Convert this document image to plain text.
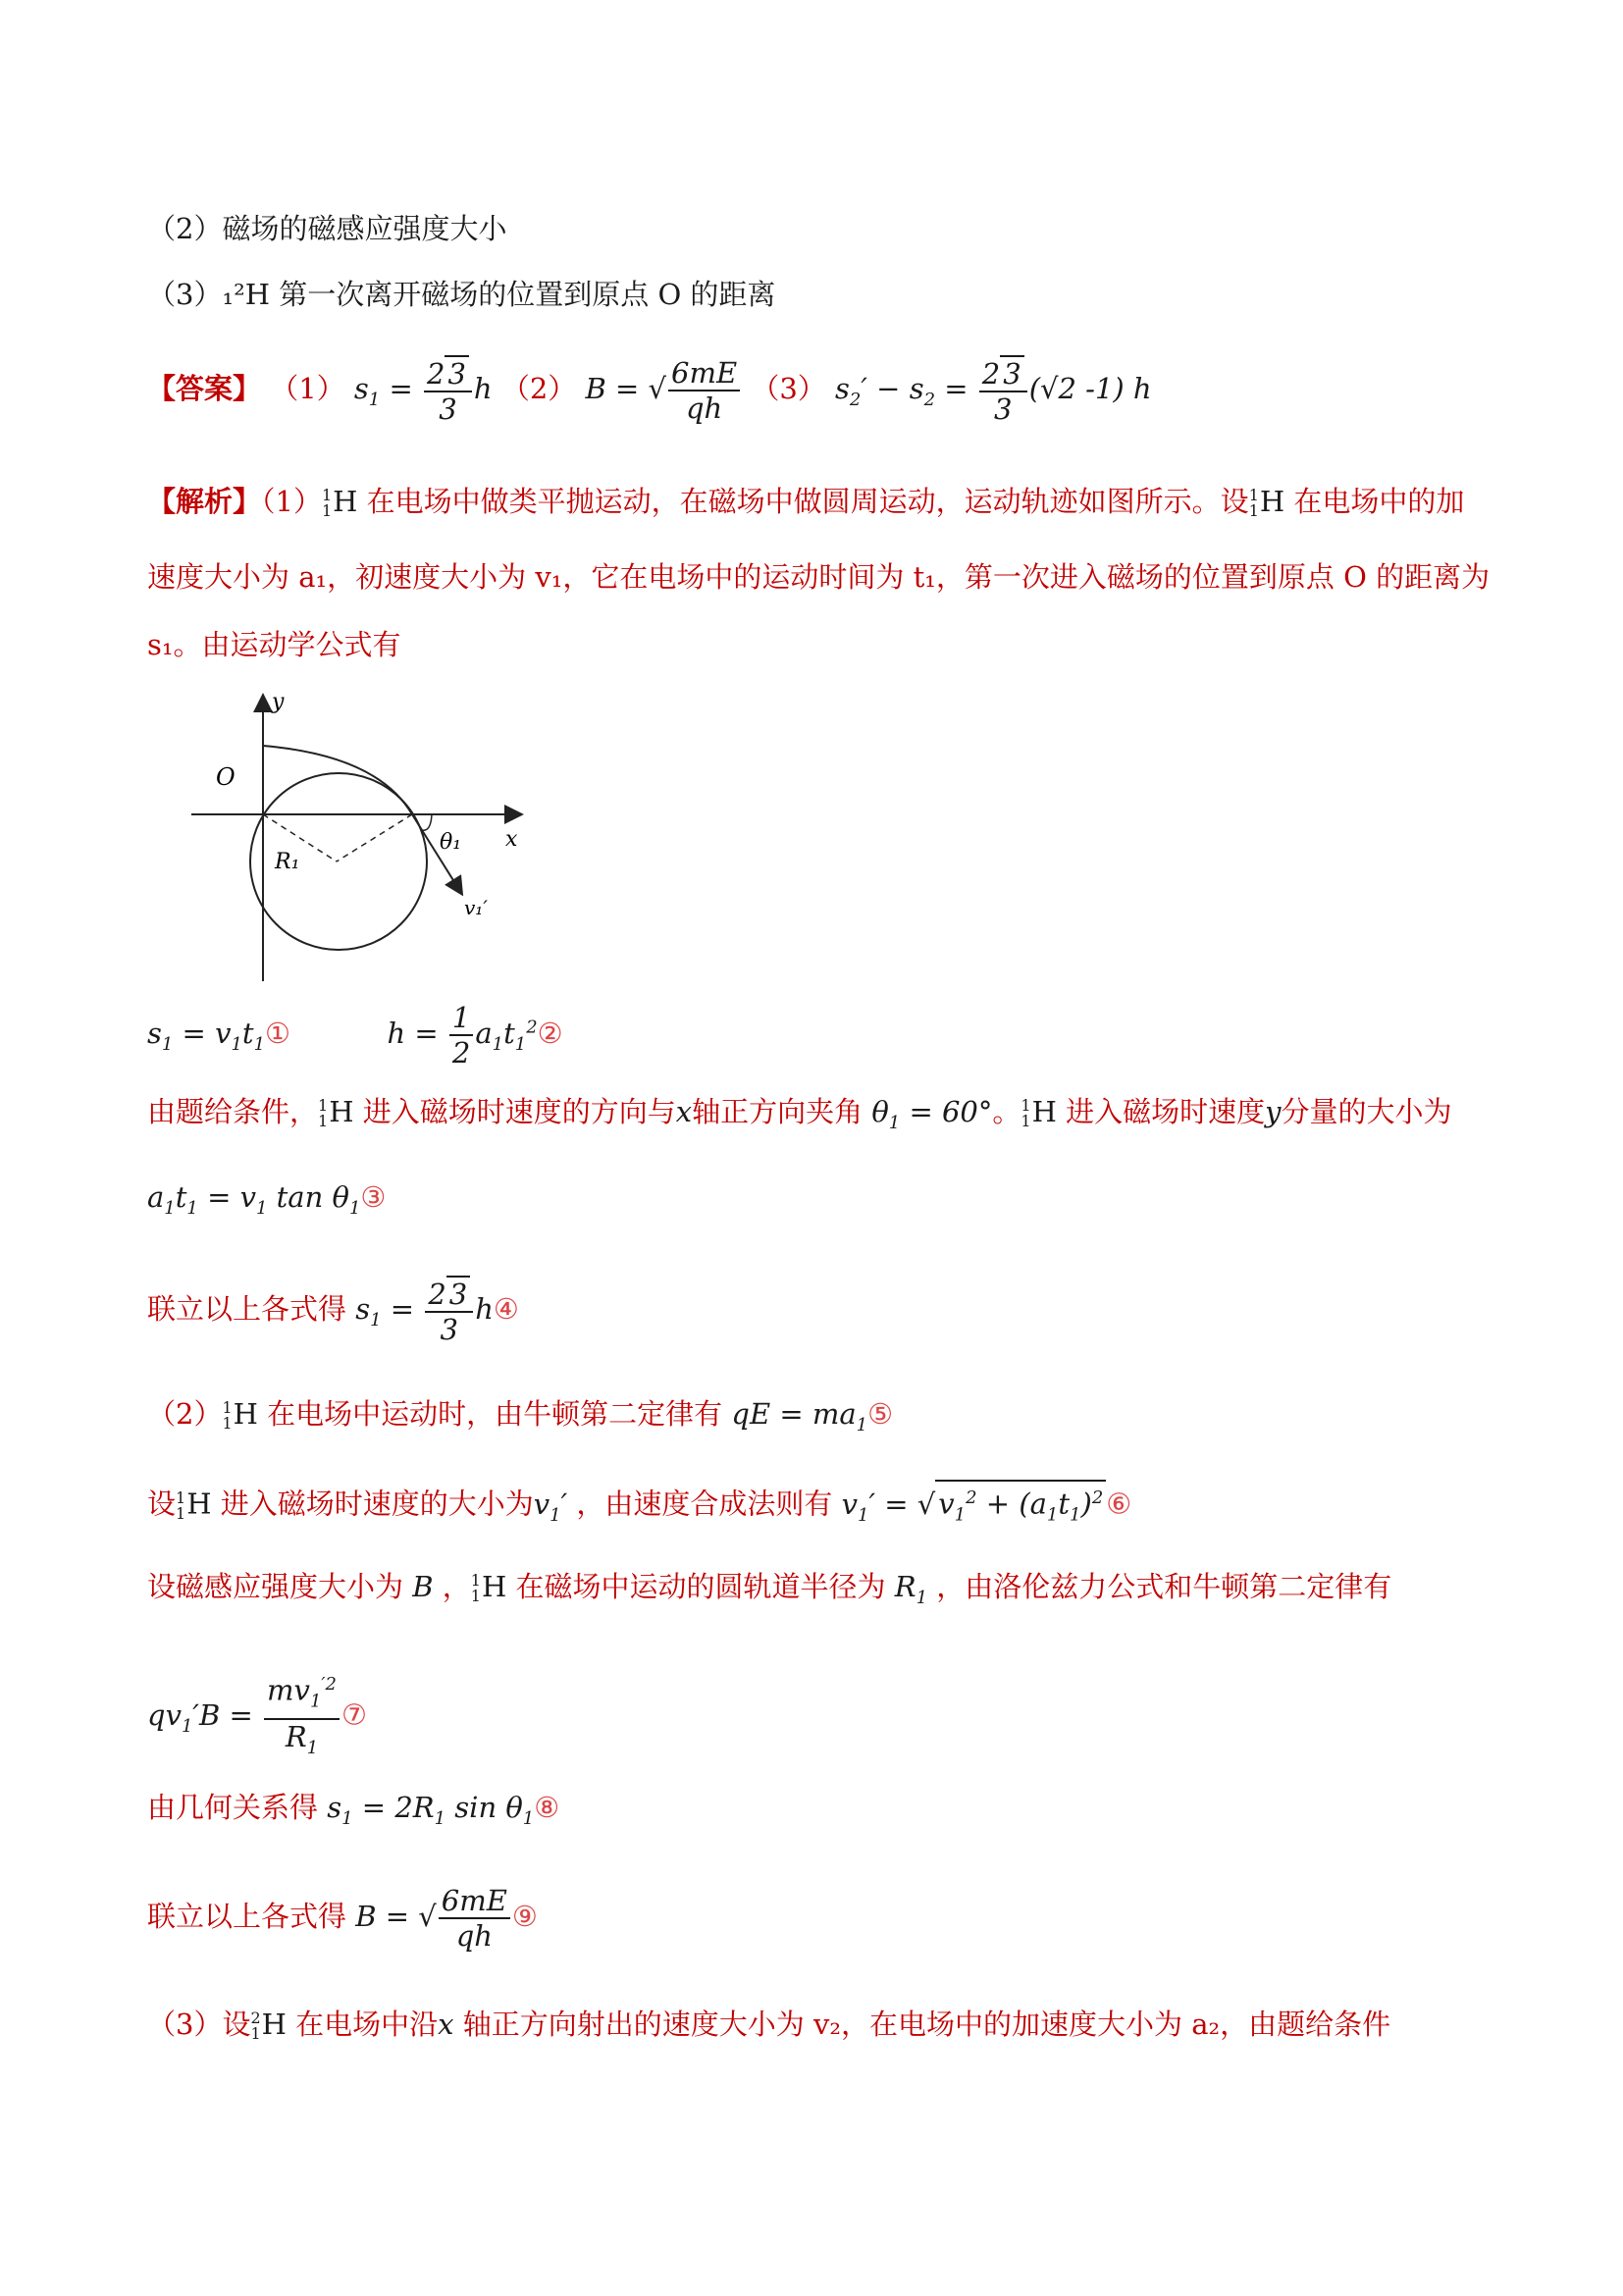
（2）磁场的磁感应强度大小
（3）₁²H 第一次离开磁场的位置到原点 O 的距离
【答案】 （1） $s_1 = \frac{2 3}{3}$ h （2） B = √ $\frac{6mE}{qh} (3) s_2' - s_2 = \frac{2 3}{3} (√2$ -1) h
【解析】（1） 1
1 H 在电场中做类平抛运动，在磁场中做圆周运动，运动轨迹如图所示。设 1
1 H 在电场中的加
速度大小为 a₁，初速度大小为 v₁，它在电场中的运动时间为 t₁，第一次进入磁场的位置到原点 O 的距离为
s₁。由运动学公式有
y
x
O
R₁
θ₁
v₁′
$s_1$ = $v_1t_1①$	$h = \frac{1}{2}$ $a_1t_1^2②$
由题给条件， 1
1 H 进入磁场时速度的方向与x轴正方向夹角 $\theta_1 = 60^\circ$。 1
1 H 进入磁场时速度y分量的大小为
$a_1t_1 = v_1$ $\tan \theta_1③$
联立以上各式得 $s_1 = \frac{2 3}{3}$ h④
（2） 1
1 H 在电场中运动时，由牛顿第二定律有 qE = $ma_1⑤$
设 1
1 H 进入磁场时速度的大小为$v_1'$ ，由速度合成法则有 $v_1'$ = √ $v_1^2 + (a_1t_1)^2$ ⑥
设磁感应强度大小为 B ， 1
1 H 在磁场中运动的圆轨道半径为 $R_1$ ，由洛伦兹力公式和牛顿第二定律有
$qv_1'B = \frac{mv_1^{'2}}{R_1}$ ⑦
由几何关系得 $s_1 = 2R_1$ $\sin \theta_1⑧$
联立以上各式得 B = √ $\frac{6mE}{qh}$ ⑨
（3）设 2
1 H 在电场中沿x 轴正方向射出的速度大小为 v₂，在电场中的加速度大小为 a₂，由题给条件
